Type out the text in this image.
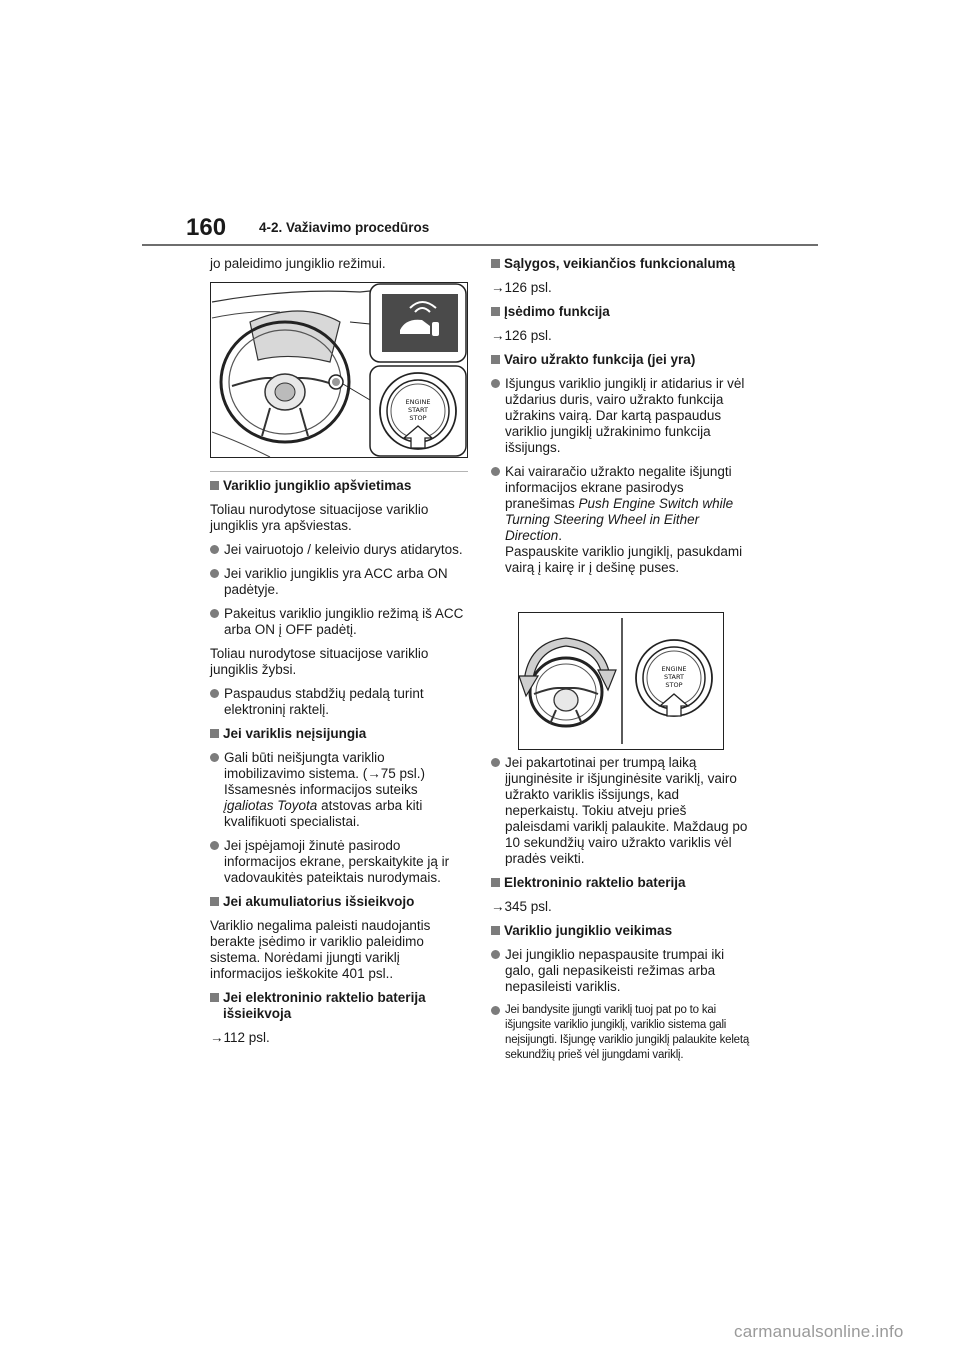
160 4-2. Važiavimo procedūros
ENGINE
START
STOP
ENGINE
START
STOP

jo paleidimo jungiklio režimui.

Variklio jungiklio apšvietimas

Toliau nurodytose situacijose variklio jungiklis yra apšviestas.

Jei vairuotojo / keleivio durys atidarytos.

Jei variklio jungiklis yra ACC arba ON padėtyje.

Pakeitus variklio jungiklio režimą iš ACC arba ON į OFF padėtį.

Toliau nurodytose situacijose variklio jungiklis žybsi.

Paspaudus stabdžių pedalą turint elektroninį raktelį.

Jei variklis neįsijungia

Gali būti neišjungta variklio imobilizavimo sistema. (→75 psl.) Išsamesnės informacijos suteiks įgaliotas Toyota atstovas arba kiti kvalifikuoti specialistai.

Jei įspėjamoji žinutė pasirodo informacijos ekrane, perskaitykite ją ir vadovaukitės pateiktais nurodymais.

Jei akumuliatorius išsieikvojo

Variklio negalima paleisti naudojantis berakte įsėdimo ir variklio paleidimo sistema. Norėdami įjungti variklį informacijos ieškokite 401 psl..

Jei elektroninio raktelio baterija išsieikvoja

→112 psl.

Sąlygos, veikiančios funkcionalumą

→126 psl.

Įsėdimo funkcija

→126 psl.

Vairo užrakto funkcija (jei yra)

Išjungus variklio jungiklį ir atidarius ir vėl uždarius duris, vairo užrakto funkcija užrakins vairą. Dar kartą paspaudus variklio jungiklį užrakinimo funkcija išsijungs.

Kai vairaračio užrakto negalite išjungti informacijos ekrane pasirodys pranešimas Push Engine Switch while Turning Steering Wheel in Either Direction.
Paspauskite variklio jungiklį, pasukdami vairą į kairę ir į dešinę puses.

Jei pakartotinai per trumpą laiką įjunginėsite ir išjunginėsite variklį, vairo užrakto variklis išsijungs, kad neperkaistų. Tokiu atveju prieš paleisdami variklį palaukite. Maždaug po 10 sekundžių vairo užrakto variklis vėl pradės veikti.

Elektroninio raktelio baterija

→345 psl.

Variklio jungiklio veikimas

Jei jungiklio nepaspausite trumpai iki galo, gali nepasikeisti režimas arba nepasileisti variklis.

Jei bandysite įjungti variklį tuoj pat po to kai išjungsite variklio jungiklį, variklio sistema gali neįsijungti. Išjungę variklio jungiklį palaukite keletą sekundžių prieš vėl įjungdami variklį.

carmanualsonline.info
